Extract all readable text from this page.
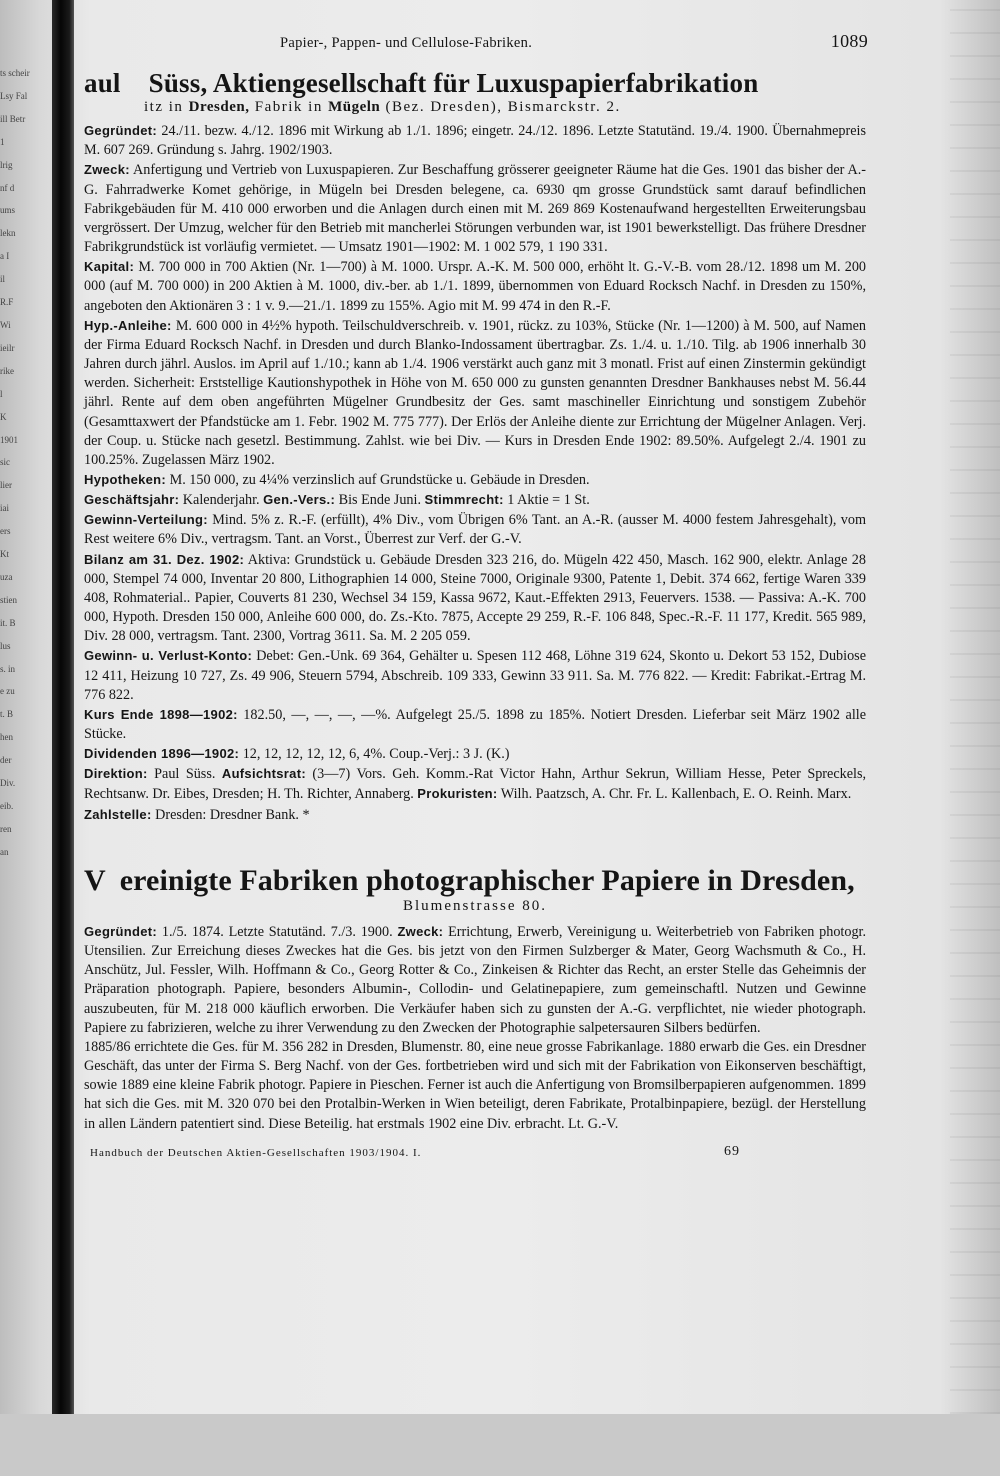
ts scheir
Lsy Fal
ill Betr
1
lrig
nf d
ums
lekn
a I
il
R.F
Wi
ieilr
rike
l
K
1901
sic
lier
iai
ers
Kt
uza
stien
it. B
lus
s. in
e zu
t. B
hen
der
Div.
eib.
ren
an
Papier-, Pappen- und Cellulose-Fabriken.	1089
aul Süss, Aktiengesellschaft für Luxuspapierfabrikation
itz in Dresden, Fabrik in Mügeln (Bez. Dresden), Bismarckstr. 2.

Gegründet: 24./11. bezw. 4./12. 1896 mit Wirkung ab 1./1. 1896; eingetr. 24./12. 1896. Letzte Statutänd. 19./4. 1900. Übernahmepreis M. 607 269. Gründung s. Jahrg. 1902/1903.

Zweck: Anfertigung und Vertrieb von Luxuspapieren. Zur Beschaffung grösserer geeigneter Räume hat die Ges. 1901 das bisher der A.-G. Fahrradwerke Komet gehörige, in Mügeln bei Dresden belegene, ca. 6930 qm grosse Grundstück samt darauf befindlichen Fabrikgebäuden für M. 410 000 erworben und die Anlagen durch einen mit M. 269 869 Kostenaufwand hergestellten Erweiterungsbau vergrössert. Der Umzug, welcher für den Betrieb mit mancherlei Störungen verbunden war, ist 1901 bewerkstelligt. Das frühere Dresdner Fabrikgrundstück ist vorläufig vermietet. — Umsatz 1901—1902: M. 1 002 579, 1 190 331.

Kapital: M. 700 000 in 700 Aktien (Nr. 1—700) à M. 1000. Urspr. A.-K. M. 500 000, erhöht lt. G.-V.-B. vom 28./12. 1898 um M. 200 000 (auf M. 700 000) in 200 Aktien à M. 1000, div.-ber. ab 1./1. 1899, übernommen von Eduard Rocksch Nachf. in Dresden zu 150%, angeboten den Aktionären 3 : 1 v. 9.—21./1. 1899 zu 155%. Agio mit M. 99 474 in den R.-F.

Hyp.-Anleihe: M. 600 000 in 4½% hypoth. Teilschuldverschreib. v. 1901, rückz. zu 103%, Stücke (Nr. 1—1200) à M. 500, auf Namen der Firma Eduard Rocksch Nachf. in Dresden und durch Blanko-Indossament übertragbar. Zs. 1./4. u. 1./10. Tilg. ab 1906 innerhalb 30 Jahren durch jährl. Auslos. im April auf 1./10.; kann ab 1./4. 1906 verstärkt auch ganz mit 3 monatl. Frist auf einen Zinstermin gekündigt werden. Sicherheit: Erststellige Kautionshypothek in Höhe von M. 650 000 zu gunsten genannten Dresdner Bankhauses nebst M. 56.44 jährl. Rente auf dem oben angeführten Mügelner Grundbesitz der Ges. samt maschineller Einrichtung und sonstigem Zubehör (Gesamttaxwert der Pfandstücke am 1. Febr. 1902 M. 775 777). Der Erlös der Anleihe diente zur Errichtung der Mügelner Anlagen. Verj. der Coup. u. Stücke nach gesetzl. Bestimmung. Zahlst. wie bei Div. — Kurs in Dresden Ende 1902: 89.50%. Aufgelegt 2./4. 1901 zu 100.25%. Zugelassen März 1902.

Hypotheken: M. 150 000, zu 4¼% verzinslich auf Grundstücke u. Gebäude in Dresden.

Geschäftsjahr: Kalenderjahr. Gen.-Vers.: Bis Ende Juni. Stimmrecht: 1 Aktie = 1 St.

Gewinn-Verteilung: Mind. 5% z. R.-F. (erfüllt), 4% Div., vom Übrigen 6% Tant. an A.-R. (ausser M. 4000 festem Jahresgehalt), vom Rest weitere 6% Div., vertragsm. Tant. an Vorst., Überrest zur Verf. der G.-V.

Bilanz am 31. Dez. 1902: Aktiva: Grundstück u. Gebäude Dresden 323 216, do. Mügeln 422 450, Masch. 162 900, elektr. Anlage 28 000, Stempel 74 000, Inventar 20 800, Lithographien 14 000, Steine 7000, Originale 9300, Patente 1, Debit. 374 662, fertige Waren 339 408, Rohmaterial.. Papier, Couverts 81 230, Wechsel 34 159, Kassa 9672, Kaut.-Effekten 2913, Feuervers. 1538. — Passiva: A.-K. 700 000, Hypoth. Dresden 150 000, Anleihe 600 000, do. Zs.-Kto. 7875, Accepte 29 259, R.-F. 106 848, Spec.-R.-F. 11 177, Kredit. 565 989, Div. 28 000, vertragsm. Tant. 2300, Vortrag 3611. Sa. M. 2 205 059.

Gewinn- u. Verlust-Konto: Debet: Gen.-Unk. 69 364, Gehälter u. Spesen 112 468, Löhne 319 624, Skonto u. Dekort 53 152, Dubiose 12 411, Heizung 10 727, Zs. 49 906, Steuern 5794, Abschreib. 109 333, Gewinn 33 911. Sa. M. 776 822. — Kredit: Fabrikat.-Ertrag M. 776 822.

Kurs Ende 1898—1902: 182.50, —, —, —, —%. Aufgelegt 25./5. 1898 zu 185%. Notiert Dresden. Lieferbar seit März 1902 alle Stücke.

Dividenden 1896—1902: 12, 12, 12, 12, 12, 6, 4%. Coup.-Verj.: 3 J. (K.)

Direktion: Paul Süss. Aufsichtsrat: (3—7) Vors. Geh. Komm.-Rat Victor Hahn, Arthur Sekrun, William Hesse, Peter Spreckels, Rechtsanw. Dr. Eibes, Dresden; H. Th. Richter, Annaberg. Prokuristen: Wilh. Paatzsch, A. Chr. Fr. L. Kallenbach, E. O. Reinh. Marx.

Zahlstelle: Dresden: Dresdner Bank. *

V ereinigte Fabriken photographischer Papiere in Dresden,
Blumenstrasse 80.

Gegründet: 1./5. 1874. Letzte Statutänd. 7./3. 1900. Zweck: Errichtung, Erwerb, Vereinigung u. Weiterbetrieb von Fabriken photogr. Utensilien. Zur Erreichung dieses Zweckes hat die Ges. bis jetzt von den Firmen Sulzberger & Mater, Georg Wachsmuth & Co., H. Anschütz, Jul. Fessler, Wilh. Hoffmann & Co., Georg Rotter & Co., Zinkeisen & Richter das Recht, an erster Stelle das Geheimnis der Präparation photograph. Papiere, besonders Albumin-, Collodin- und Gelatinepapiere, zum gemeinschaftl. Nutzen und Gewinne auszubeuten, für M. 218 000 käuflich erworben. Die Verkäufer haben sich zu gunsten der A.-G. verpflichtet, nie wieder photograph. Papiere zu fabrizieren, welche zu ihrer Verwendung zu den Zwecken der Photographie salpetersauren Silbers bedürfen.

1885/86 errichtete die Ges. für M. 356 282 in Dresden, Blumenstr. 80, eine neue grosse Fabrikanlage. 1880 erwarb die Ges. ein Dresdner Geschäft, das unter der Firma S. Berg Nachf. von der Ges. fortbetrieben wird und sich mit der Fabrikation von Eikonserven beschäftigt, sowie 1889 eine kleine Fabrik photogr. Papiere in Pieschen. Ferner ist auch die Anfertigung von Bromsilberpapieren aufgenommen. 1899 hat sich die Ges. mit M. 320 070 bei den Protalbin-Werken in Wien beteiligt, deren Fabrikate, Protalbinpapiere, bezügl. der Herstellung in allen Ländern patentiert sind. Diese Beteilig. hat erstmals 1902 eine Div. erbracht. Lt. G.-V.

Handbuch der Deutschen Aktien-Gesellschaften 1903/1904. I.	69
